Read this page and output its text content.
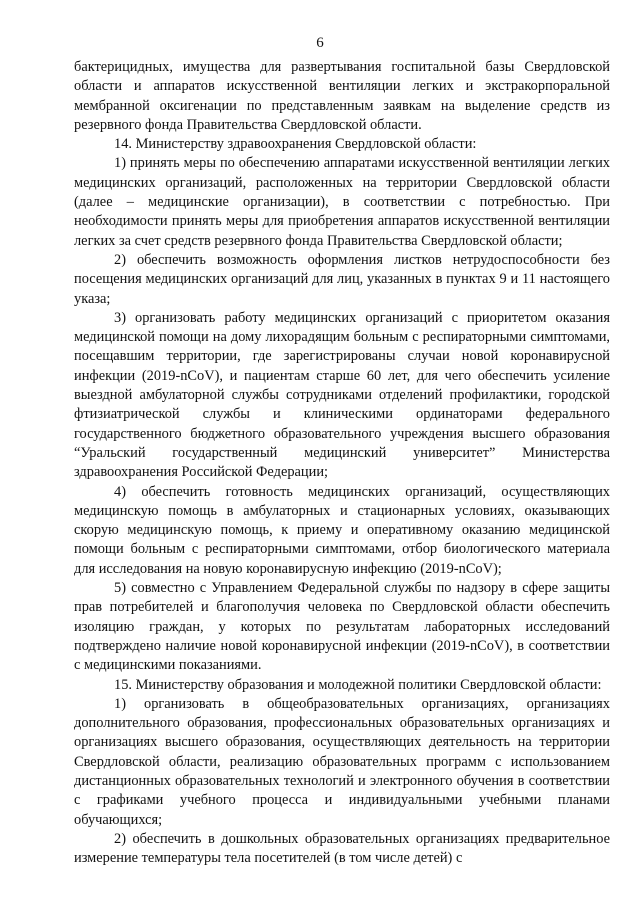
6

бактерицидных, имущества для развертывания госпитальной базы Свердловской области и аппаратов искусственной вентиляции легких и экстракорпоральной мембранной оксигенации по представленным заявкам на выделение средств из резервного фонда Правительства Свердловской области.

14. Министерству здравоохранения Свердловской области:

1) принять меры по обеспечению аппаратами искусственной вентиляции легких медицинских организаций, расположенных на территории Свердловской области (далее – медицинские организации), в соответствии с потребностью. При необходимости принять меры для приобретения аппаратов искусственной вентиляции легких за счет средств резервного фонда Правительства Свердловской области;

2) обеспечить возможность оформления листков нетрудоспособности без посещения медицинских организаций для лиц, указанных в пунктах 9 и 11 настоящего указа;

3) организовать работу медицинских организаций с приоритетом оказания медицинской помощи на дому лихорадящим больным с респираторными симптомами, посещавшим территории, где зарегистрированы случаи новой коронавирусной инфекции (2019-nCoV), и пациентам старше 60 лет, для чего обеспечить усиление выездной амбулаторной службы сотрудниками отделений профилактики, городской фтизиатрической службы и клиническими ординаторами федерального государственного бюджетного образовательного учреждения высшего образования “Уральский государственный медицинский университет” Министерства здравоохранения Российской Федерации;

4) обеспечить готовность медицинских организаций, осуществляющих медицинскую помощь в амбулаторных и стационарных условиях, оказывающих скорую медицинскую помощь, к приему и оперативному оказанию медицинской помощи больным с респираторными симптомами, отбор биологического материала для исследования на новую коронавирусную инфекцию (2019-nCoV);

5) совместно с Управлением Федеральной службы по надзору в сфере защиты прав потребителей и благополучия человека по Свердловской области обеспечить изоляцию граждан, у которых по результатам лабораторных исследований подтверждено наличие новой коронавирусной инфекции (2019-nCoV), в соответствии с медицинскими показаниями.

15. Министерству образования и молодежной политики Свердловской области:

1) организовать в общеобразовательных организациях, организациях дополнительного образования, профессиональных образовательных организациях и организациях высшего образования, осуществляющих деятельность на территории Свердловской области, реализацию образовательных программ с использованием дистанционных образовательных технологий и электронного обучения в соответствии с графиками учебного процесса и индивидуальными учебными планами обучающихся;

2) обеспечить в дошкольных образовательных организациях предварительное измерение температуры тела посетителей (в том числе детей) с
